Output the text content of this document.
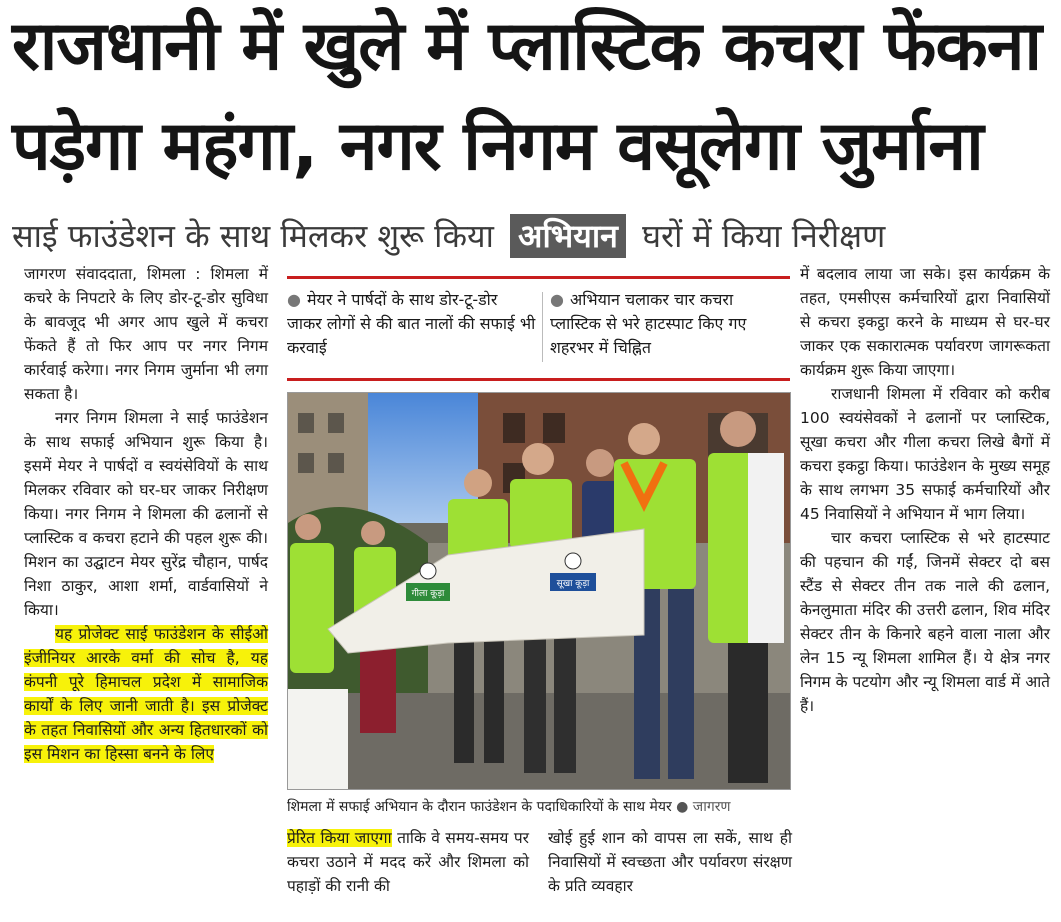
राजधानी में खुले में प्लास्टिक कचरा फेंकना
पड़ेगा महंगा, नगर निगम वसूलेगा जुर्माना
साई फाउंडेशन के साथ मिलकर शुरू किया अभियान घरों में किया निरीक्षण

जागरण संवाददाता, शिमला : शिमला में कचरे के निपटारे के लिए डोर-टू-डोर सुविधा के बावजूद भी अगर आप खुले में कचरा फेंकते हैं तो फिर आप पर नगर निगम कार्रवाई करेगा। नगर निगम जुर्माना भी लगा सकता है।

नगर निगम शिमला ने साई फाउंडेशन के साथ सफाई अभियान शुरू किया है। इसमें मेयर ने पार्षदों व स्वयंसेवियों के साथ मिलकर रविवार को घर-घर जाकर निरीक्षण किया। नगर निगम ने शिमला की ढलानों से प्लास्टिक व कचरा हटाने की पहल शुरू की। मिशन का उद्घाटन मेयर सुरेंद्र चौहान, पार्षद निशा ठाकुर, आशा शर्मा, वार्डवासियों ने किया।

यह प्रोजेक्ट साई फाउंडेशन के सीईओ इंजीनियर आरके वर्मा की सोच है, यह कंपनी पूरे हिमाचल प्रदेश में सामाजिक कार्यों के लिए जानी जाती है। इस प्रोजेक्ट के तहत निवासियों और अन्य हितधारकों को इस मिशन का हिस्सा बनने के लिए

● मेयर ने पार्षदों के साथ डोर-टू-डोर जाकर लोगों से की बात नालों की सफाई भी करवाई
● अभियान चलाकर चार कचरा प्लास्टिक से भरे हाटस्पाट किए गए शहरभर में चिह्नित
गीला कूड़ा
सूखा कूड़ा
शिमला में सफाई अभियान के दौरान फाउंडेशन के पदाधिकारियों के साथ मेयर ● जागरण
प्रेरित किया जाएगा ताकि वे समय-समय पर कचरा उठाने में मदद करें और शिमला को पहाड़ों की रानी की
खोई हुई शान को वापस ला सकें, साथ ही निवासियों में स्वच्छता और पर्यावरण संरक्षण के प्रति व्यवहार

में बदलाव लाया जा सके। इस कार्यक्रम के तहत, एमसीएस कर्मचारियों द्वारा निवासियों से कचरा इकट्ठा करने के माध्यम से घर-घर जाकर एक सकारात्मक पर्यावरण जागरूकता कार्यक्रम शुरू किया जाएगा।

राजधानी शिमला में रविवार को करीब 100 स्वयंसेवकों ने ढलानों पर प्लास्टिक, सूखा कचरा और गीला कचरा लिखे बैगों में कचरा इकट्ठा किया। फाउंडेशन के मुख्य समूह के साथ लगभग 35 सफाई कर्मचारियों और 45 निवासियों ने अभियान में भाग लिया।

चार कचरा प्लास्टिक से भरे हाटस्पाट की पहचान की गईं, जिनमें सेक्टर दो बस स्टैंड से सेक्टर तीन तक नाले की ढलान, केनलुमाता मंदिर की उत्तरी ढलान, शिव मंदिर सेक्टर तीन के किनारे बहने वाला नाला और लेन 15 न्यू शिमला शामिल हैं। ये क्षेत्र नगर निगम के पटयोग और न्यू शिमला वार्ड में आते हैं।
